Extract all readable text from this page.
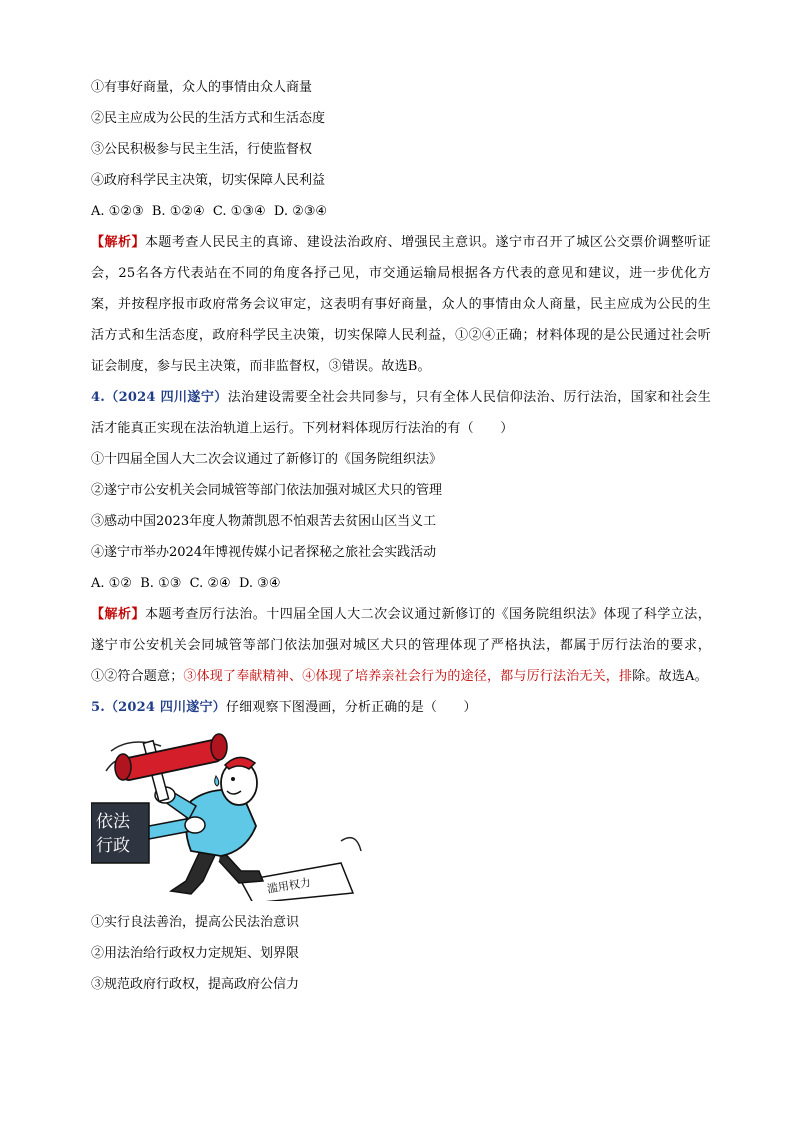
①有事好商量，众人的事情由众人商量
②民主应成为公民的生活方式和生活态度
③公民积极参与民主生活，行使监督权
④政府科学民主决策，切实保障人民利益
A. ①②③  B. ①②④  C. ①③④  D. ②③④
【解析】本题考查人民民主的真谛、建设法治政府、增强民主意识。遂宁市召开了城区公交票价调整听证会，25名各方代表站在不同的角度各抒己见，市交通运输局根据各方代表的意见和建议，进一步优化方案，并按程序报市政府常务会议审定，这表明有事好商量，众人的事情由众人商量，民主应成为公民的生活方式和生活态度，政府科学民主决策，切实保障人民利益，①②④正确；材料体现的是公民通过社会听证会制度，参与民主决策，而非监督权，③错误。故选B。
4.（2024 四川遂宁）法治建设需要全社会共同参与，只有全体人民信仰法治、厉行法治，国家和社会生活才能真正实现在法治轨道上运行。下列材料体现厉行法治的有（　　）
①十四届全国人大二次会议通过了新修订的《国务院组织法》
②遂宁市公安机关会同城管等部门依法加强对城区犬只的管理
③感动中国2023年度人物萧凯恩不怕艰苦去贫困山区当义工
④遂宁市举办2024年博视传媒小记者探秘之旅社会实践活动
A. ①②  B. ①③  C. ②④  D. ③④
【解析】本题考查厉行法治。十四届全国人大二次会议通过新修订的《国务院组织法》体现了科学立法，遂宁市公安机关会同城管等部门依法加强对城区犬只的管理体现了严格执法，都属于厉行法治的要求，①②符合题意；③体现了奉献精神、④体现了培养亲社会行为的途径，都与厉行法治无关，排除。故选A。
5.（2024 四川遂宁）仔细观察下图漫画，分析正确的是（　　）
滥用权力
依法
行政
①实行良法善治，提高公民法治意识
②用法治给行政权力定规矩、划界限
③规范政府行政权，提高政府公信力
